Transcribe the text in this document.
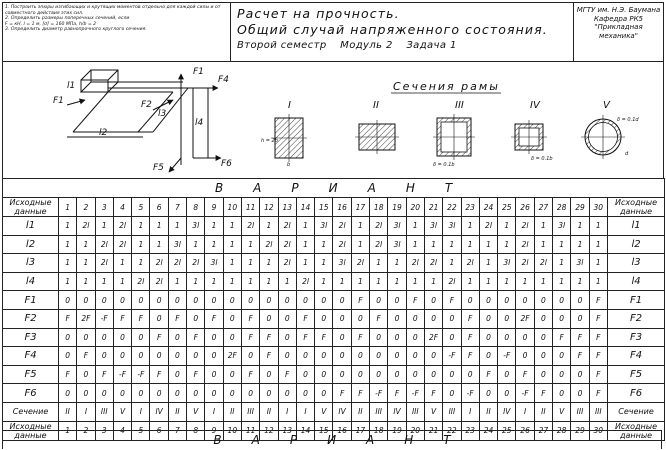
1. Построить эпюры изгибающих и крутящих моментов отдельно для каждой силы и от совместного действия этих сил.
2. Определить размеры поперечных сечений, если
F = кН, l = 1 м, [σ] = 160 МПа, h/b = 2
3. Определить диаметр равнопрочного круглого сечения.
Расчет на прочность.
Общий случай напряженного состояния.
Второй семестр Модуль 2 Задача 1
МГТУ им. Н.Э. Баумана
Кафедра РК5
"Прикладная механика"
F1
F1
F2
F4
F6
F5
l1
l2
l3
l4
Сечения рамы
I	II	III	IV	V
h = 2b
b	δ = 0.1b
δ = 0.1b
δ = 0.1d
d
ВАРИАНТ																															
Исходные данные	1	2	3	4	5	6	7	8	9	10	11	12	13	14	15	16	17	18	19	20	21	22	23	24	25	26	27	28	29	30	Исходные данные
l1	1	2l	1	2l	1	1	1	3l	1	1	2l	1	2l	1	3l	2l	1	2l	3l	1	3l	3l	1	2l	1	2l	1	3l	1	1	l1
l2	1	1	2l	2l	1	1	3l	1	1	1	1	2l	2l	1	1	2l	1	2l	3l	1	1	1	1	1	1	2l	1	1	1	1	l2
l3	1	1	2l	1	1	2l	2l	2l	3l	1	1	1	2l	1	1	3l	2l	1	1	2l	2l	1	2l	1	3l	2l	2l	1	3l	1	l3
l4	1	1	1	1	2l	2l	1	1	1	1	1	1	1	2l	1	1	1	1	1	1	1	2l	1	1	1	1	1	1	1	1	l4
F1	0	0	0	0	0	0	0	0	0	0	0	0	0	0	0	0	F	0	0	F	0	F	0	0	0	0	0	0	0	F	F1
F2	F	2F	-F	F	F	0	F	0	F	0	F	0	0	F	0	0	0	F	0	0	0	0	F	0	0	2F	0	0	0	F	F2
F3	0	0	0	0	0	F	0	F	0	0	F	F	0	F	F	0	F	0	0	0	2F	0	F	0	0	0	0	F	F	F	F3
F4	0	F	0	0	0	0	0	0	0	2F	0	F	0	0	0	0	0	0	0	0	0	-F	F	0	-F	0	0	0	F	F	F4
F5	F	0	F	-F	-F	F	0	F	0	0	F	0	F	0	0	0	0	0	0	0	0	0	0	F	0	F	0	0	0	F	F5
F6	0	0	0	0	0	0	0	0	0	0	0	0	0	0	0	F	F	-F	F	-F	F	0	-F	0	0	-F	F	0	0	F	F6
Сечение	II	I	III	V	I	IV	II	V	I	II	III	II	I	I	V	IV	II	III	IV	III	V	III	I	II	IV	I	II	V	III	III	Сечение
Исходные данные	1	2	3	4	5	6	7	8	9	10	11	12	13	14	15	16	17	18	19	20	21	22	23	24	25	26	27	28	29	30	Исходные данные
ВАРИАНТ
